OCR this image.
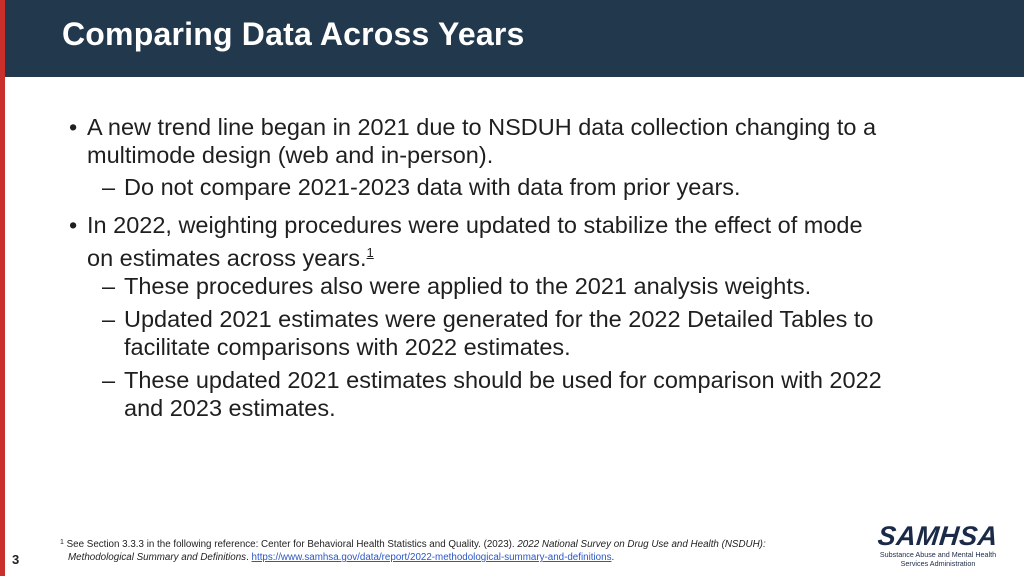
Comparing Data Across Years
• A new trend line began in 2021 due to NSDUH data collection changing to a
multimode design (web and in-person).
– Do not compare 2021-2023 data with data from prior years.
• In 2022, weighting procedures were updated to stabilize the effect of mode
on estimates across years.$^1$
– These procedures also were applied to the 2021 analysis weights.
– Updated 2021 estimates were generated for the 2022 Detailed Tables to
facilitate comparisons with 2022 estimates.
– These updated 2021 estimates should be used for comparison with 2022
and 2023 estimates.
$^1$ See Section 3.3.3 in the following reference: Center for Behavioral Health Statistics and Quality. (2023). 2022 National Survey on Drug Use and Health (NSDUH):
Methodological Summary and Definitions. https://www.samhsa.gov/data/report/2022-methodological-summary-and-definitions.
3
SAMHSA
Substance Abuse and Mental Health
Services Administration
